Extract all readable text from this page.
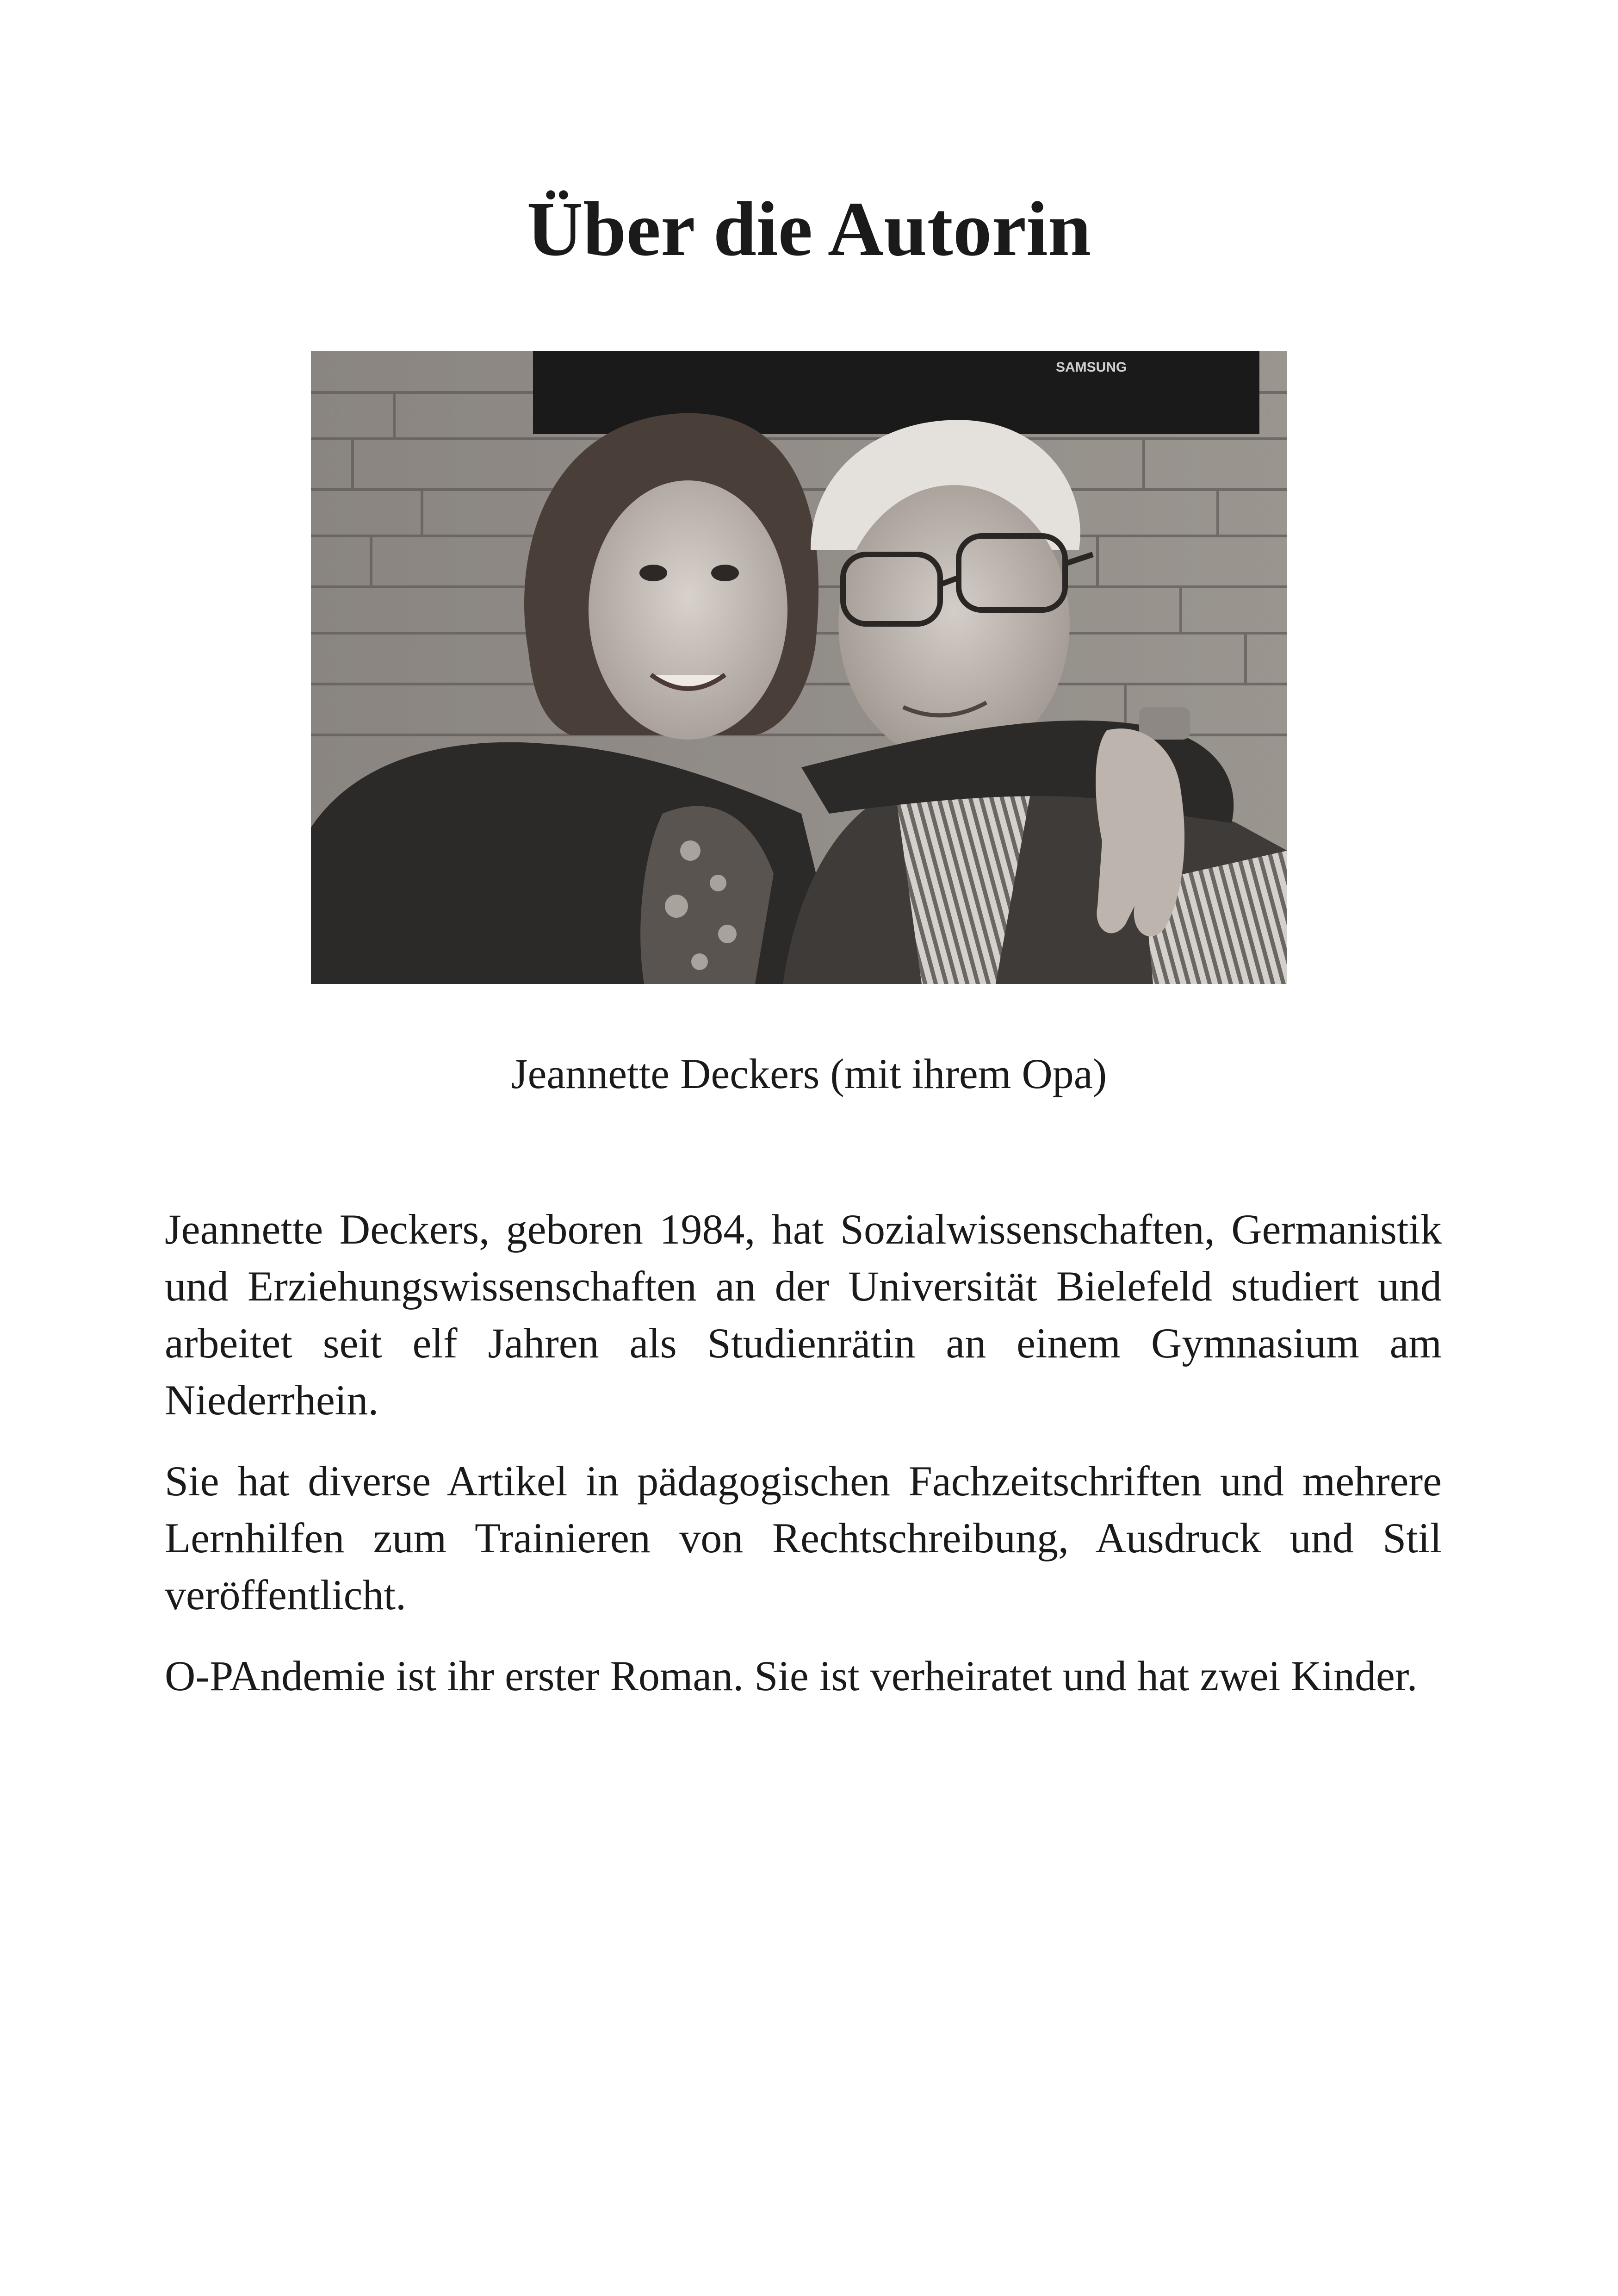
Über die Autorin
SAMSUNG

Jeannette Deckers (mit ihrem Opa)

Jeannette Deckers, geboren 1984, hat Sozialwissenschaften, Germanistik und Erziehungswissenschaften an der Universität Bielefeld studiert und arbeitet seit elf Jahren als Studienrätin an einem Gymnasium am Niederrhein.

Sie hat diverse Artikel in pädagogischen Fachzeitschriften und mehrere Lernhilfen zum Trainieren von Rechtschreibung, Ausdruck und Stil veröffentlicht.

O-PAndemie ist ihr erster Roman. Sie ist verheiratet und hat zwei Kinder.
